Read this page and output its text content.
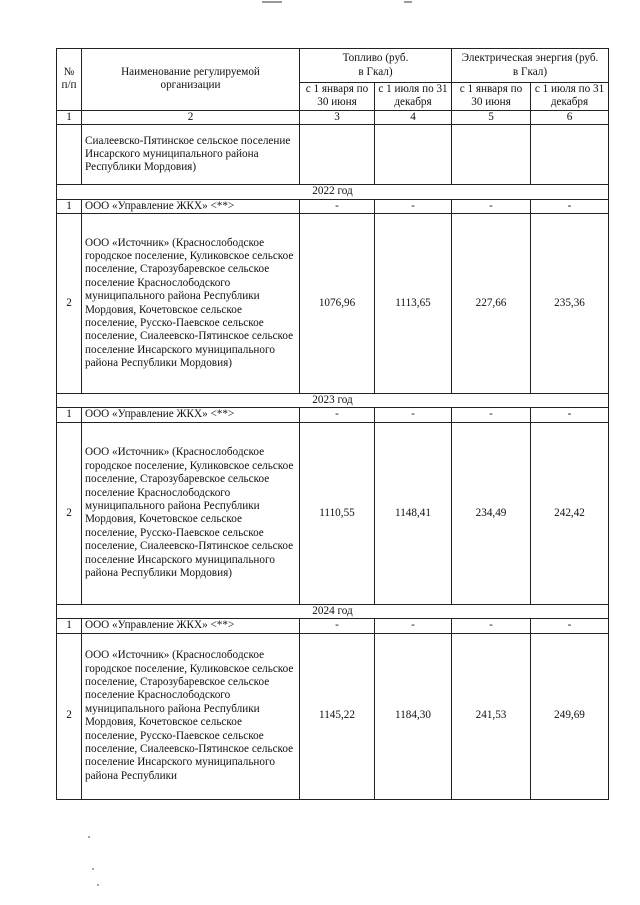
№
п/п	Наименование регулируемой организации	Топливо (руб. в Гкал)		Электрическая энергия (руб. в Гкал)	
		с 1 января по 30 июня	с 1 июля по 31 декабря	с 1 января по 30 июня	с 1 июля по 31 декабря
1	2	3	4	5	6
	Сиалеевско-Пятинское сельское поселение Инсарского муниципального района Республики Мордовия)				
2022 год					
1	ООО «Управление ЖКХ» <**>	-	-	-	-
2	ООО «Источник» (Краснослободское городское поселение, Куликовское сельское поселение, Старозубаревское сельское поселение Краснослободского муниципального района Республики Мордовия, Кочетовское сельское поселение, Русско-Паевское сельское поселение, Сиалеевско-Пятинское сельское поселение Инсарского муниципального района Республики Мордовия)	1076,96	1113,65	227,66	235,36
2023 год					
1	ООО «Управление ЖКХ» <**>	-	-	-	-
2	ООО «Источник» (Краснослободское городское поселение, Куликовское сельское поселение, Старозубаревское сельское поселение Краснослободского муниципального района Республики Мордовия, Кочетовское сельское поселение, Русско-Паевское сельское поселение, Сиалеевско-Пятинское сельское поселение Инсарского муниципального района Республики Мордовия)	1110,55	1148,41	234,49	242,42
2024 год					
1	ООО «Управление ЖКХ» <**>	-	-	-	-
2	ООО «Источник» (Краснослободское городское поселение, Куликовское сельское поселение, Старозубаревское сельское поселение Краснослободского муниципального района Республики Мордовия, Кочетовское сельское поселение, Русско-Паевское сельское поселение, Сиалеевско-Пятинское сельское поселение Инсарского муниципального района Республики	1145,22	1184,30	241,53	249,69
